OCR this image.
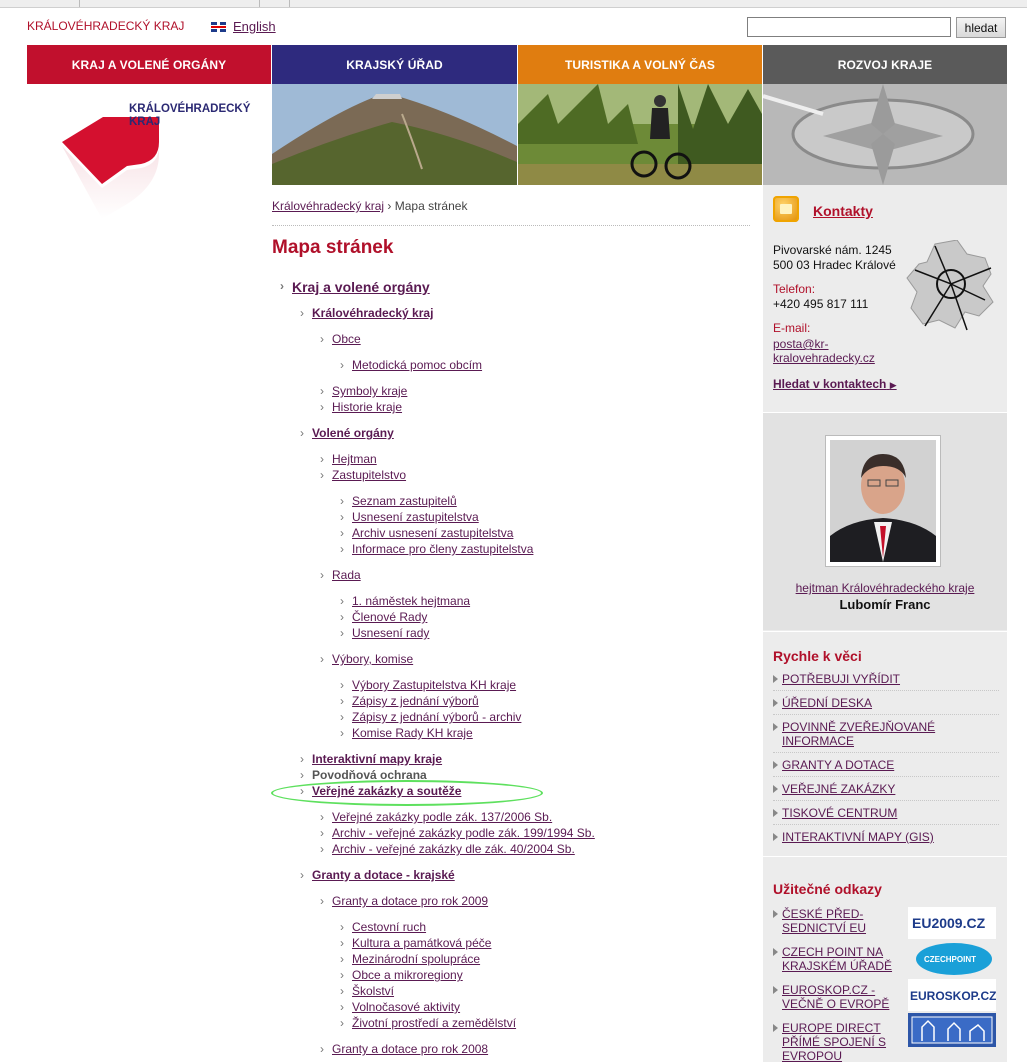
KRÁLOVÉHRADECKÝ KRAJ	English	hledat
KRAJ A VOLENÉ ORGÁNY	KRAJSKÝ ÚŘAD	TURISTIKA A VOLNÝ ČAS	ROZVOJ KRAJE
KRÁLOVÉHRADECKÝ
KRAJ
Královéhradecký kraj › Mapa stránek
Mapa stránek
› Kraj a volené orgány
› Královéhradecký kraj
› Obce
› Metodická pomoc obcím
› Symboly kraje
› Historie kraje
› Volené orgány
› Hejtman
› Zastupitelstvo
› Seznam zastupitelů
› Usnesení zastupitelstva
› Archiv usnesení zastupitelstva
› Informace pro členy zastupitelstva
› Rada
› 1. náměstek hejtmana
› Členové Rady
› Usnesení rady
› Výbory, komise
› Výbory Zastupitelstva KH kraje
› Zápisy z jednání výborů
› Zápisy z jednání výborů - archiv
› Komise Rady KH kraje
› Interaktivní mapy kraje
› Povodňová ochrana
› Veřejné zakázky a soutěže
› Veřejné zakázky podle zák. 137/2006 Sb.
› Archiv - veřejné zakázky podle zák. 199/1994 Sb.
› Archiv - veřejné zakázky dle zák. 40/2004 Sb.
› Granty a dotace - krajské
› Granty a dotace pro rok 2009
› Cestovní ruch
› Kultura a památková péče
› Mezinárodní spolupráce
› Obce a mikroregiony
› Školství
› Volnočasové aktivity
› Životní prostředí a zemědělství
› Granty a dotace pro rok 2008
Kontakty
Pivovarské nám. 1245
500 03 Hradec Králové
Telefon:
+420 495 817 111
E-mail:
posta@kr-
kralovehradecky.cz
Hledat v kontaktech ▶
hejtman Královéhradeckého kraje
Lubomír Franc
Rychle k věci
POTŘEBUJI VYŘÍDIT
ÚŘEDNÍ DESKA
POVINNĚ ZVEŘEJŇOVANÉ
INFORMACE
GRANTY A DOTACE
VEŘEJNÉ ZAKÁZKY
TISKOVÉ CENTRUM
INTERAKTIVNÍ MAPY (GIS)
Užitečné odkazy
ČESKÉ PŘED-
SEDNICTVÍ EU
CZECH POINT NA
KRAJSKÉM ÚŘADĚ
EUROSKOP.CZ -
VEČNĚ O EVROPĚ
EUROPE DIRECT
PŘÍMÉ SPOJENÍ S
EVROPOU
EU2009.CZ
CZECHPOINT
EUROSKOP.CZ
